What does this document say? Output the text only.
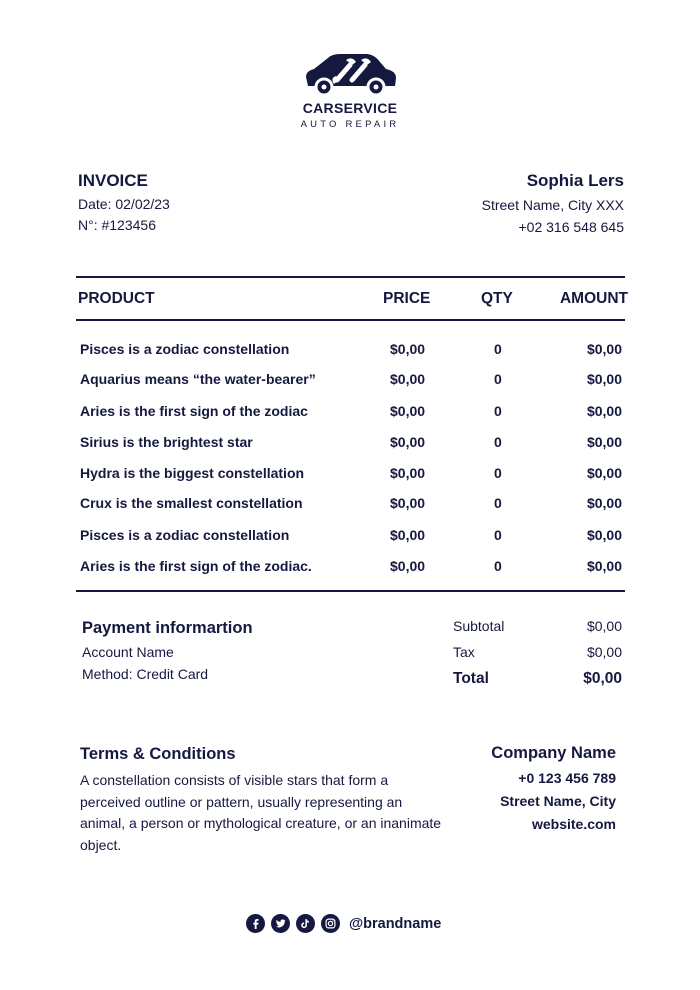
CARSERVICE
AUTO REPAIR
INVOICE
Date: 02/02/23
N°: #123456
Sophia Lers
Street Name, City XXX
+02 316 548 645
PRODUCT	PRICE	QTY	AMOUNT
Pisces is a zodiac constellation	$0,00	0	$0,00
Aquarius means “the water-bearer”	$0,00	0	$0,00
Aries is the first sign of the zodiac	$0,00	0	$0,00
Sirius is the brightest star	$0,00	0	$0,00
Hydra is the biggest constellation	$0,00	0	$0,00
Crux is the smallest constellation	$0,00	0	$0,00
Pisces is a zodiac constellation	$0,00	0	$0,00
Aries is the first sign of the zodiac.	$0,00	0	$0,00
Payment informartion
Account Name
Method: Credit Card
Subtotal	$0,00
Tax	$0,00
Total	$0,00
Terms & Conditions
A constellation consists of visible stars that form a perceived outline or pattern, usually representing an animal, a person or mythological creature, or an inanimate object.
Company Name
+0 123 456 789
Street Name, City
website.com
@brandname
